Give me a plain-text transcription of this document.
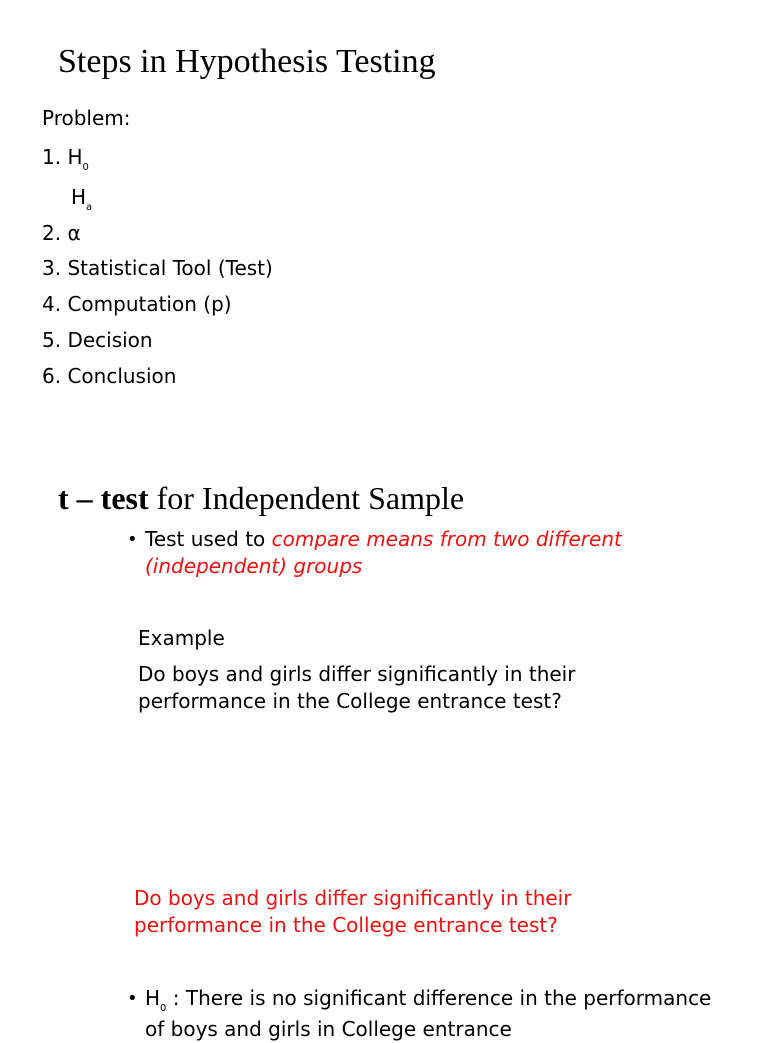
Steps in Hypothesis Testing
Problem:
1. $H_0$
$H_a$
2. α
3. Statistical Tool (Test)
4. Computation (p)
5. Decision
6. Conclusion
t – test for Independent Sample
• Test used to compare means from two different (independent) groups
Example
Do boys and girls differ significantly in their performance in the College entrance test?
Do boys and girls differ significantly in their performance in the College entrance test?
• $H_0$ : There is no significant difference in the performance of boys and girls in College entrance
